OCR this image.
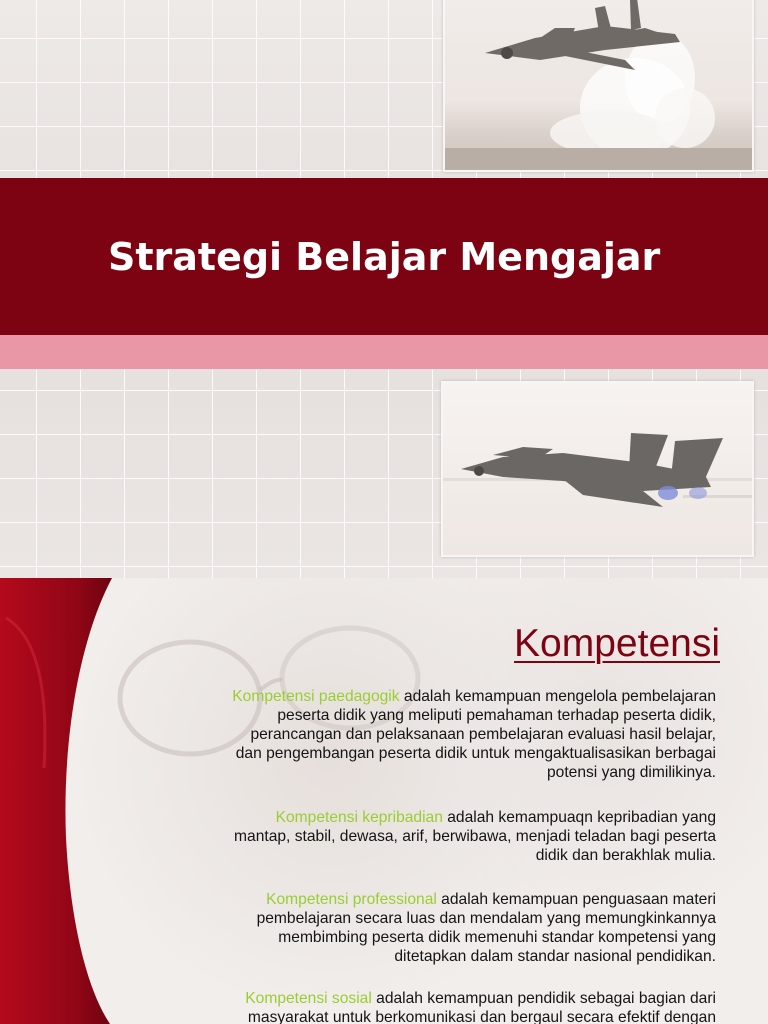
Strategi Belajar Mengajar
Kompetensi
Kompetensi paedagogik adalah kemampuan mengelola pembelajaran
peserta didik yang meliputi pemahaman terhadap peserta didik,
perancangan dan pelaksanaan pembelajaran evaluasi hasil belajar,
dan pengembangan peserta didik untuk mengaktualisasikan berbagai
potensi yang dimilikinya.
Kompetensi kepribadian adalah kemampuaqn kepribadian yang
mantap, stabil, dewasa, arif, berwibawa, menjadi teladan bagi peserta
didik dan berakhlak mulia.
Kompetensi professional adalah kemampuan penguasaan materi
pembelajaran secara luas dan mendalam yang memungkinkannya
membimbing peserta didik memenuhi standar kompetensi yang
ditetapkan dalam standar nasional pendidikan.
Kompetensi sosial adalah kemampuan pendidik sebagai bagian dari
masyarakat untuk berkomunikasi dan bergaul secara efektif dengan
